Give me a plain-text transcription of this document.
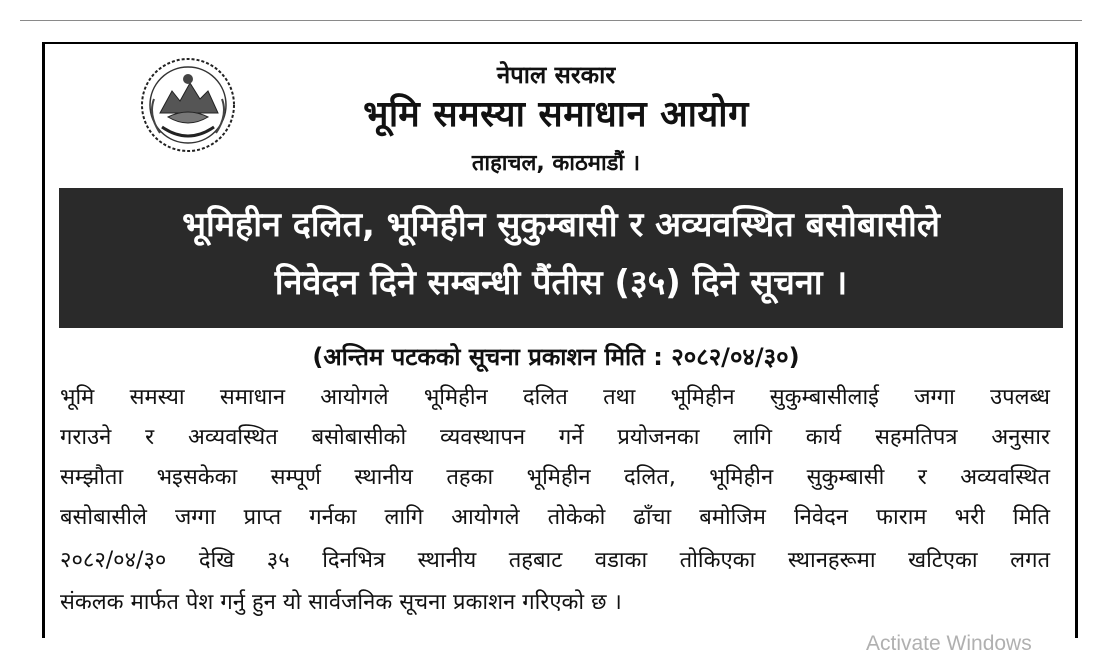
नेपाल सरकार
भूमि समस्या समाधान आयोग
ताहाचल, काठमाडौं ।
भूमिहीन दलित, भूमिहीन सुकुम्बासी र अव्यवस्थित बसोबासीले
निवेदन दिने सम्बन्धी पैंतीस (३५) दिने सूचना ।
(अन्तिम पटकको सूचना प्रकाशन मिति : २०८२/०४/३०)
भूमि समस्या समाधान आयोगले भूमिहीन दलित तथा भूमिहीन सुकुम्बासीलाई जग्गा उपलब्ध
गराउने र अव्यवस्थित बसोबासीको व्यवस्थापन गर्ने प्रयोजनका लागि कार्य सहमतिपत्र अनुसार
सम्झौता भइसकेका सम्पूर्ण स्थानीय तहका भूमिहीन दलित, भूमिहीन सुकुम्बासी र अव्यवस्थित
बसोबासीले जग्गा प्राप्त गर्नका लागि आयोगले तोकेको ढाँचा बमोजिम निवेदन फाराम भरी मिति
२०८२/०४/३० देखि ३५ दिनभित्र स्थानीय तहबाट वडाका तोकिएका स्थानहरूमा खटिएका लगत
संकलक मार्फत पेश गर्नु हुन यो सार्वजनिक सूचना प्रकाशन गरिएको छ ।
Activate Windows
